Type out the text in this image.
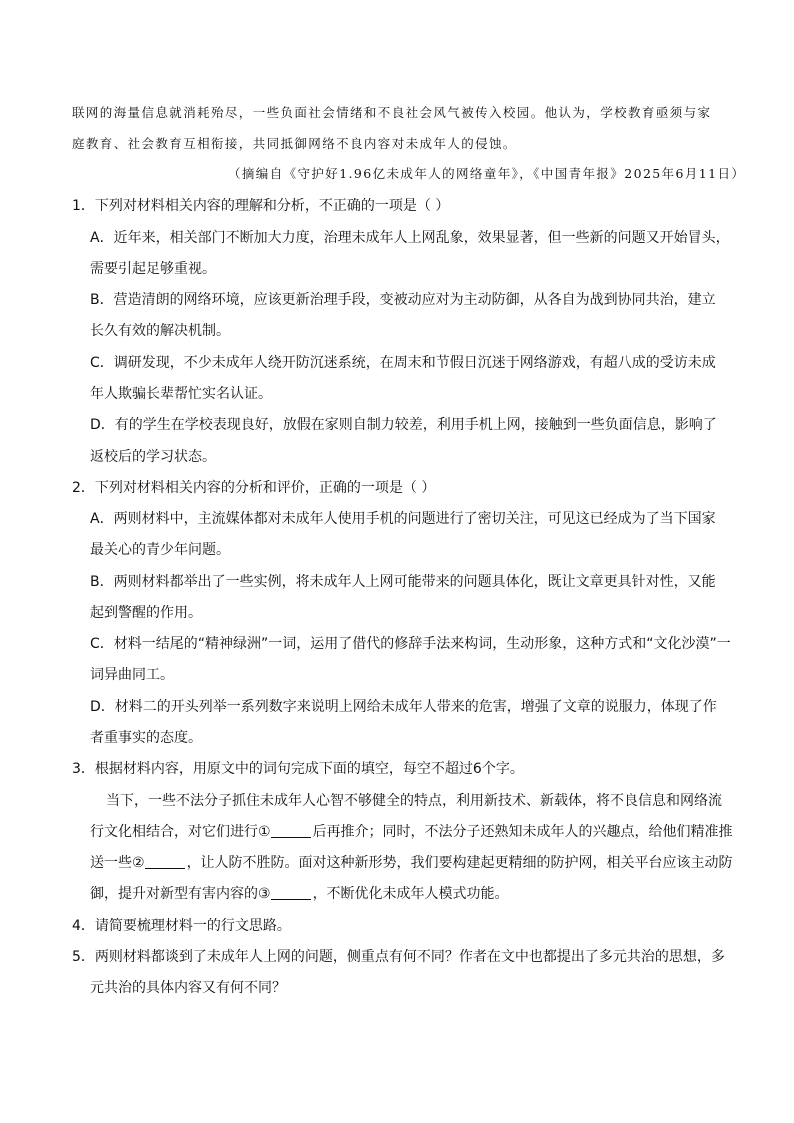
联网的海量信息就消耗殆尽，一些负面社会情绪和不良社会风气被传入校园。他认为，学校教育亟须与家
庭教育、社会教育互相衔接，共同抵御网络不良内容对未成年人的侵蚀。
（摘编自《守护好1.96亿未成年人的网络童年》，《中国青年报》2025年6月11日）
1．下列对材料相关内容的理解和分析，不正确的一项是（ ）
A．近年来，相关部门不断加大力度，治理未成年人上网乱象，效果显著，但一些新的问题又开始冒头，
需要引起足够重视。
B．营造清朗的网络环境，应该更新治理手段，变被动应对为主动防御，从各自为战到协同共治，建立
长久有效的解决机制。
C．调研发现，不少未成年人绕开防沉迷系统，在周末和节假日沉迷于网络游戏，有超八成的受访未成
年人欺骗长辈帮忙实名认证。
D．有的学生在学校表现良好，放假在家则自制力较差，利用手机上网，接触到一些负面信息，影响了
返校后的学习状态。
2．下列对材料相关内容的分析和评价，正确的一项是（ ）
A．两则材料中，主流媒体都对未成年人使用手机的问题进行了密切关注，可见这已经成为了当下国家
最关心的青少年问题。
B．两则材料都举出了一些实例，将未成年人上网可能带来的问题具体化，既让文章更具针对性，又能
起到警醒的作用。
C．材料一结尾的“精神绿洲”一词，运用了借代的修辞手法来构词，生动形象，这种方式和“文化沙漠”一
词异曲同工。
D．材料二的开头列举一系列数字来说明上网给未成年人带来的危害，增强了文章的说服力，体现了作
者重事实的态度。
3．根据材料内容，用原文中的词句完成下面的填空，每空不超过6个字。
当下，一些不法分子抓住未成年人心智不够健全的特点，利用新技术、新载体，将不良信息和网络流
行文化相结合，对它们进行①	后再推介；同时，不法分子还熟知未成年人的兴趣点，给他们精准推
送一些②	，让人防不胜防。面对这种新形势，我们要构建起更精细的防护网，相关平台应该主动防
御，提升对新型有害内容的③	，不断优化未成年人模式功能。
4．请简要梳理材料一的行文思路。
5．两则材料都谈到了未成年人上网的问题，侧重点有何不同？作者在文中也都提出了多元共治的思想，多
元共治的具体内容又有何不同？
